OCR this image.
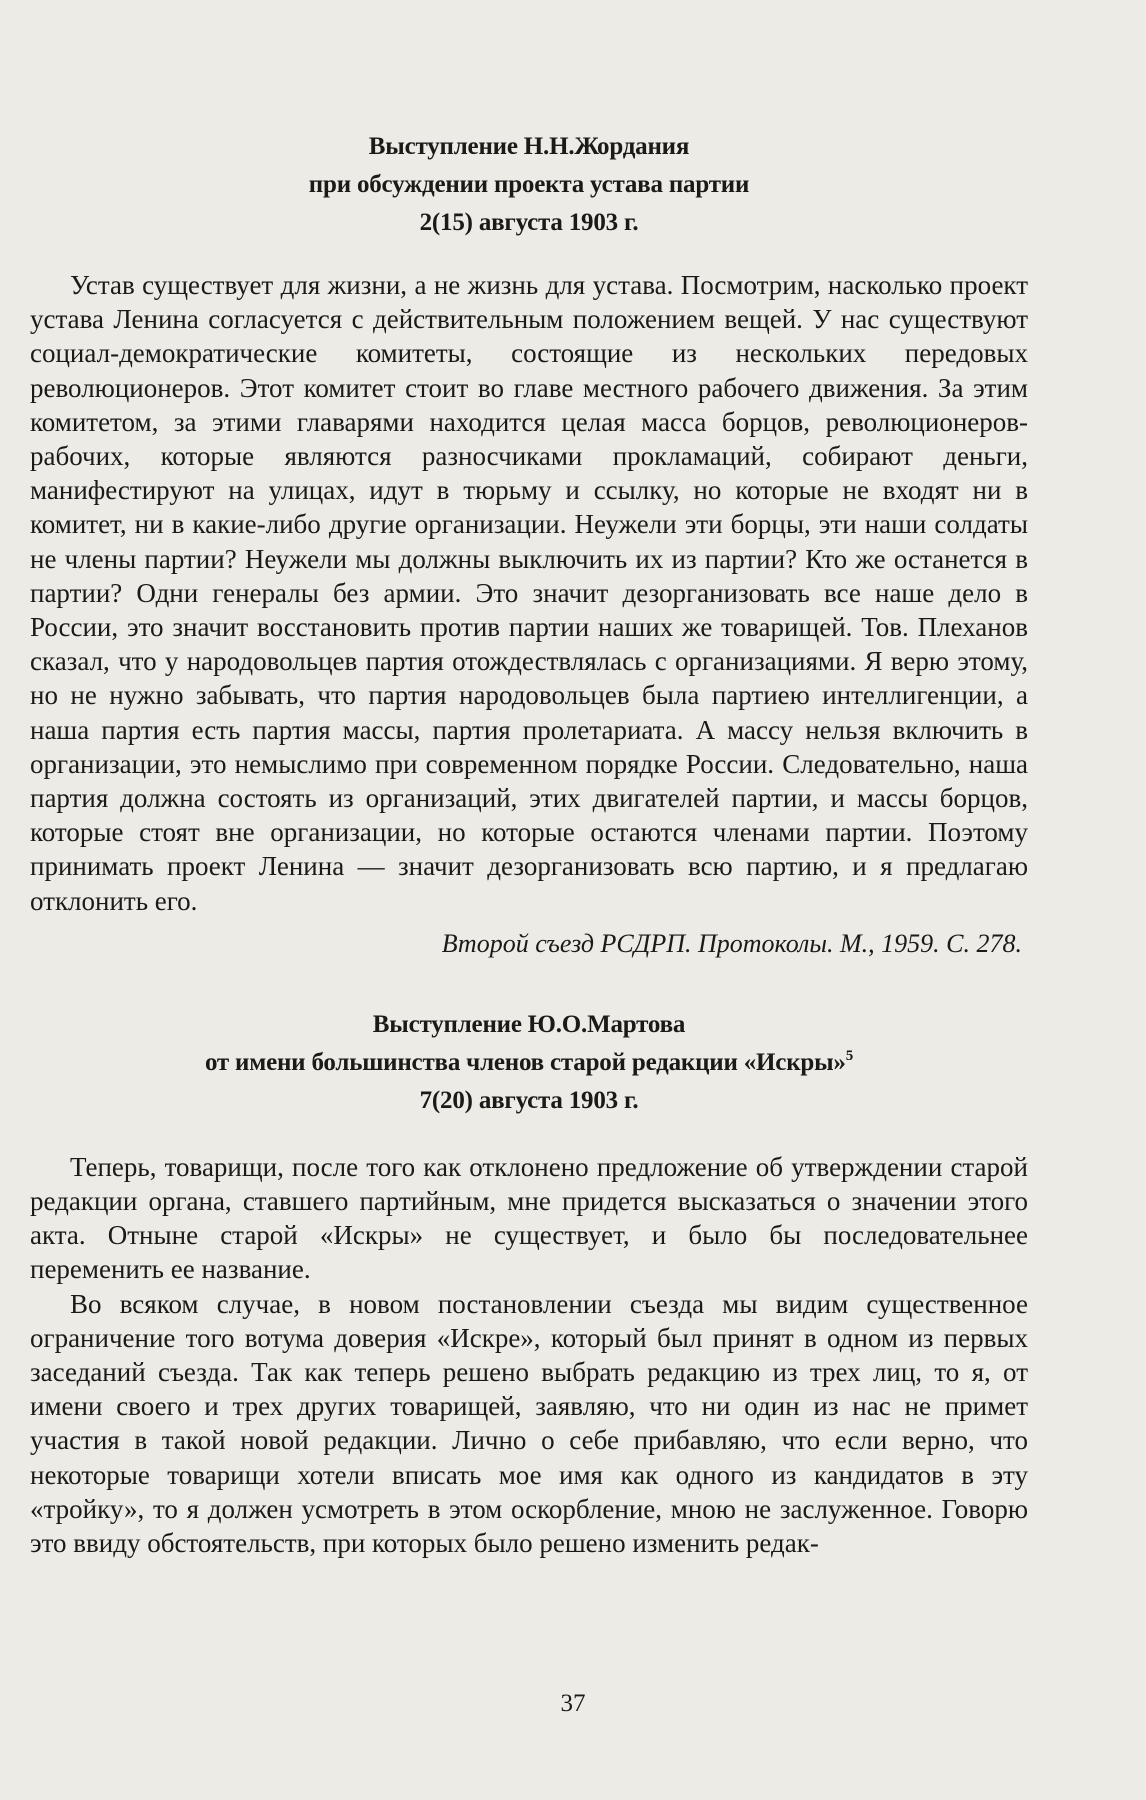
Выступление Н.Н.Жордания
при обсуждении проекта устава партии
2(15) августа 1903 г.

Устав существует для жизни, а не жизнь для устава. Посмотрим, насколько проект устава Ленина согласуется с действительным положением вещей. У нас существуют социал-демократические комитеты, состоящие из нескольких передовых революционеров. Этот комитет стоит во главе местного рабочего движения. За этим комитетом, за этими главарями находится целая масса борцов, революционеров-рабочих, которые являются разносчиками прокламаций, собирают деньги, манифестируют на улицах, идут в тюрьму и ссылку, но которые не входят ни в комитет, ни в какие-либо другие организации. Неужели эти борцы, эти наши солдаты не члены партии? Неужели мы должны выключить их из партии? Кто же останется в партии? Одни генералы без армии. Это значит дезорганизовать все наше дело в России, это значит восстановить против партии наших же товарищей. Тов. Плеханов сказал, что у народовольцев партия отождествлялась с организациями. Я верю этому, но не нужно забывать, что партия народовольцев была партиею интеллигенции, а наша партия есть партия массы, партия пролетариата. А массу нельзя включить в организации, это немыслимо при современном порядке России. Следовательно, наша партия должна состоять из организаций, этих двигателей партии, и массы борцов, которые стоят вне организации, но которые остаются членами партии. Поэтому принимать проект Ленина — значит дезорганизовать всю партию, и я предлагаю отклонить его.

Второй съезд РСДРП. Протоколы. М., 1959. С. 278.
Выступление Ю.О.Мартова
от имени большинства членов старой редакции «Искры»$^5$
7(20) августа 1903 г.

Теперь, товарищи, после того как отклонено предложение об утверждении старой редакции органа, ставшего партийным, мне придется высказаться о значении этого акта. Отныне старой «Искры» не существует, и было бы последовательнее переменить ее название.

Во всяком случае, в новом постановлении съезда мы видим существенное ограничение того вотума доверия «Искре», который был принят в одном из первых заседаний съезда. Так как теперь решено выбрать редакцию из трех лиц, то я, от имени своего и трех других товарищей, заявляю, что ни один из нас не примет участия в такой новой редакции. Лично о себе прибавляю, что если верно, что некоторые товарищи хотели вписать мое имя как одного из кандидатов в эту «тройку», то я должен усмотреть в этом оскорбление, мною не заслуженное. Говорю это ввиду обстоятельств, при которых было решено изменить редак-

37
